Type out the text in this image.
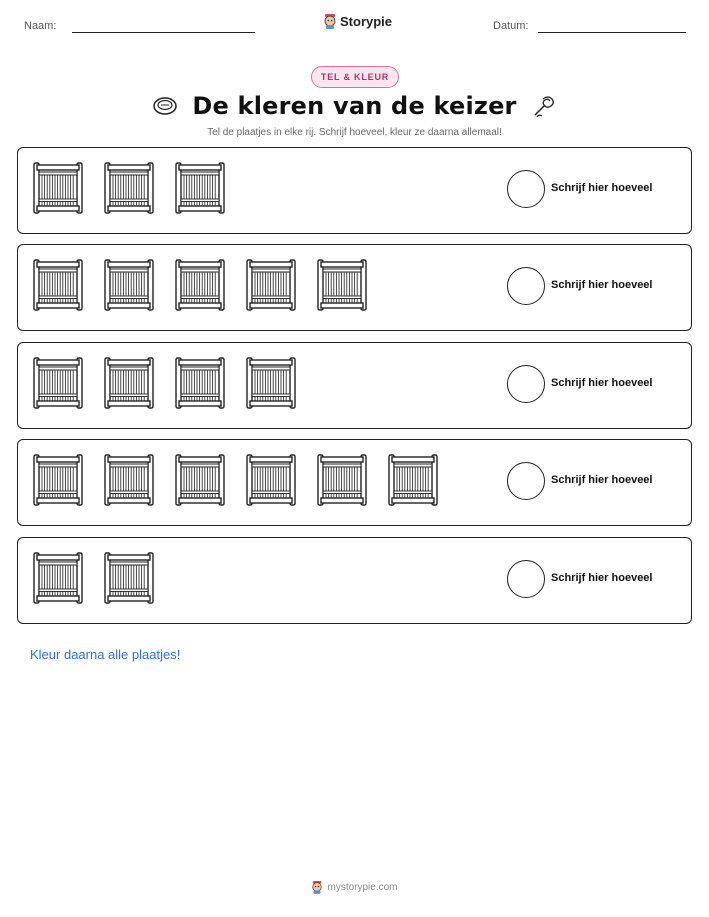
Naam:	Storypie	Datum:
TEL & KLEUR
De kleren van de keizer
Tel de plaatjes in elke rij. Schrijf hoeveel, kleur ze daarna allemaal!
Schrijf hier hoeveel
Schrijf hier hoeveel
Schrijf hier hoeveel
Schrijf hier hoeveel
Schrijf hier hoeveel
Kleur daarna alle plaatjes!
mystorypie.com
